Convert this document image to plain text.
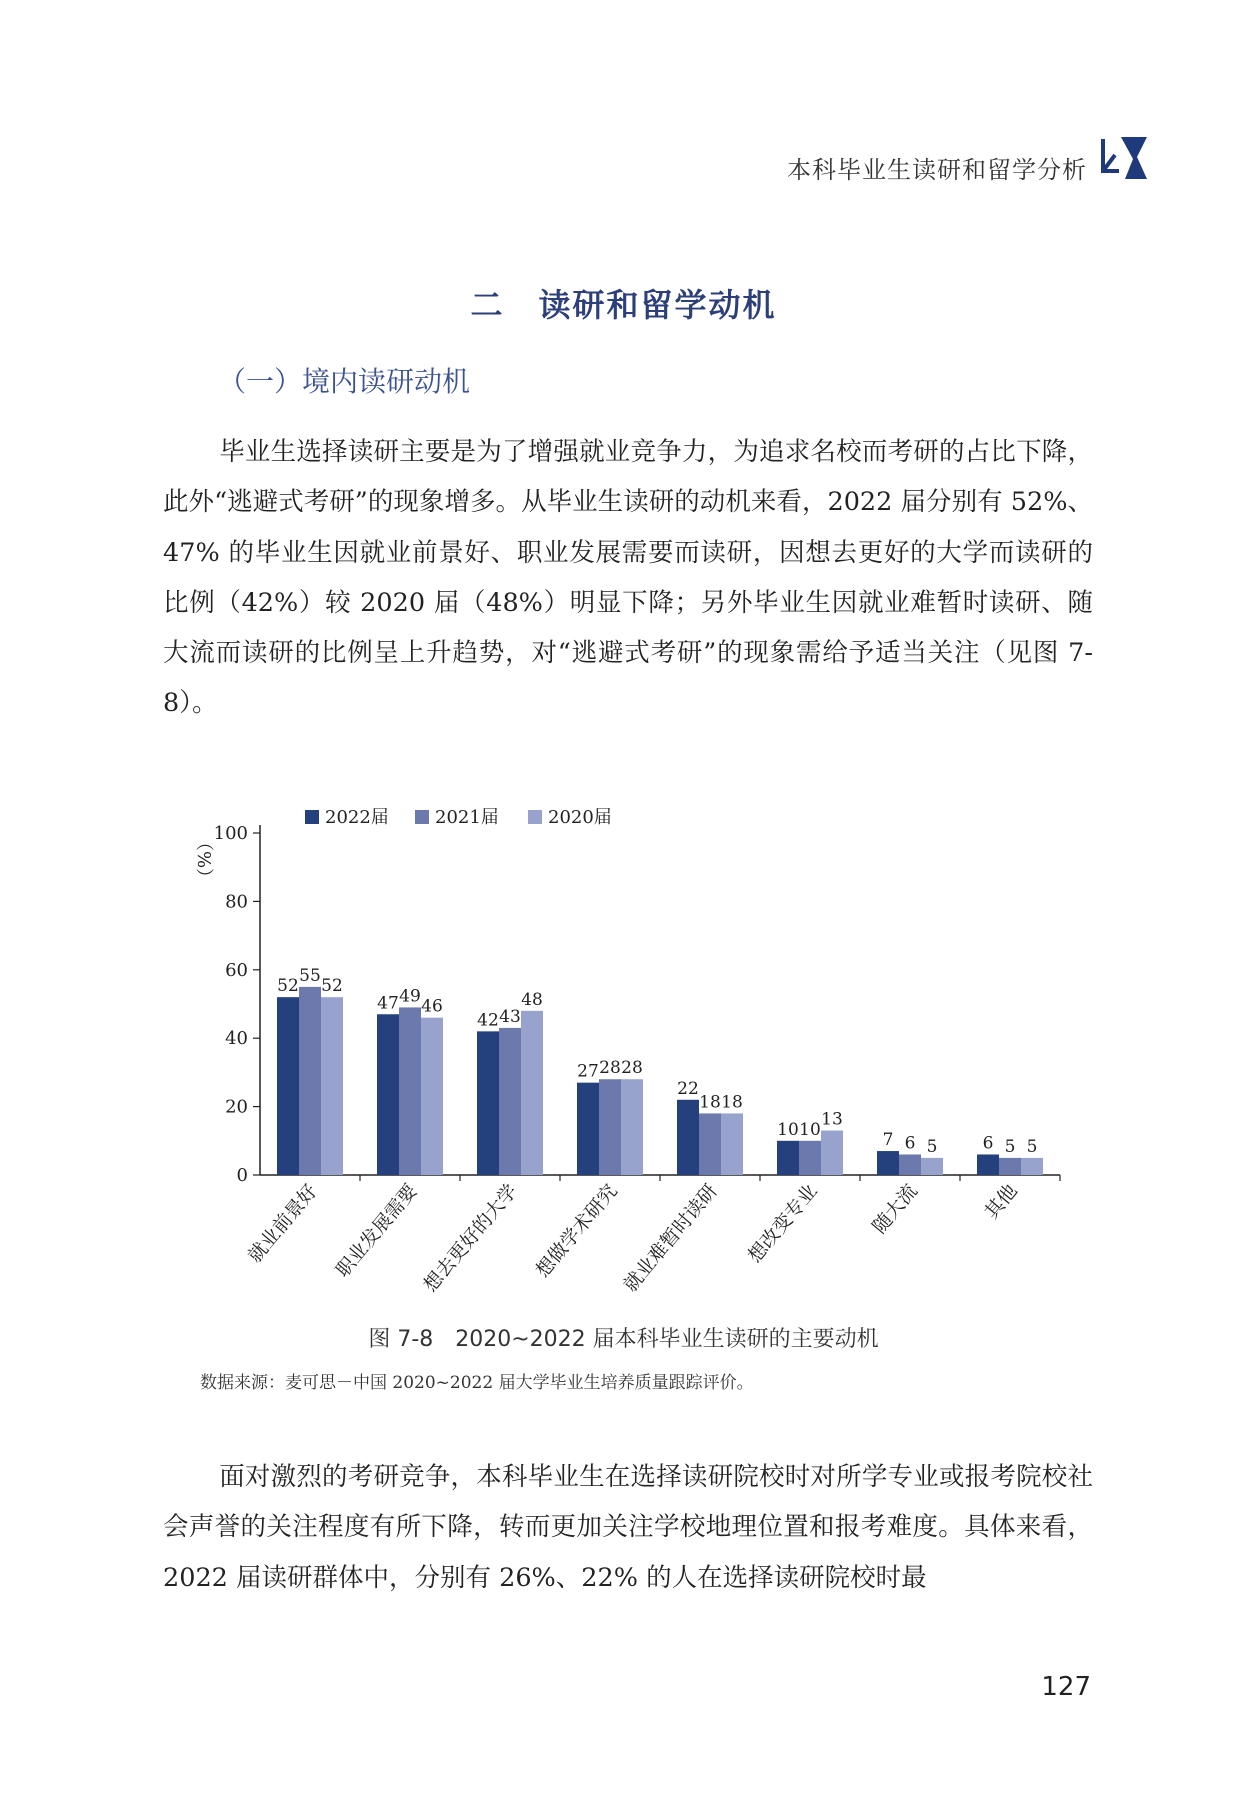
本科毕业生读研和留学分析
二　读研和留学动机
（一）境内读研动机

毕业生选择读研主要是为了增强就业竞争力，为追求名校而考研的占比下降，此外“逃避式考研”的现象增多。从毕业生读研的动机来看，2022 届分别有 52%、47% 的毕业生因就业前景好、职业发展需要而读研，因想去更好的大学而读研的比例（42%）较 2020 届（48%）明显下降；另外毕业生因就业难暂时读研、随大流而读研的比例呈上升趋势，对“逃避式考研”的现象需给予适当关注（见图 7-8）。

2022届	2021届	2020届
（%）
0
20
40
60
80
100
52
55
52
就业前景好
47 49
46
职业发展需要
42 43
48
想去更好的大学
27 28 28
想做学术研究
22
18 18
就业难暂时读研
10 10
13
想改变专业
7 6 5
随大流
6 5 5
其他
图 7-8　2020~2022 届本科毕业生读研的主要动机
数据来源：麦可思－中国 2020~2022 届大学毕业生培养质量跟踪评价。

面对激烈的考研竞争，本科毕业生在选择读研院校时对所学专业或报考院校社会声誉的关注程度有所下降，转而更加关注学校地理位置和报考难度。具体来看，2022 届读研群体中，分别有 26%、22% 的人在选择读研院校时最

127
